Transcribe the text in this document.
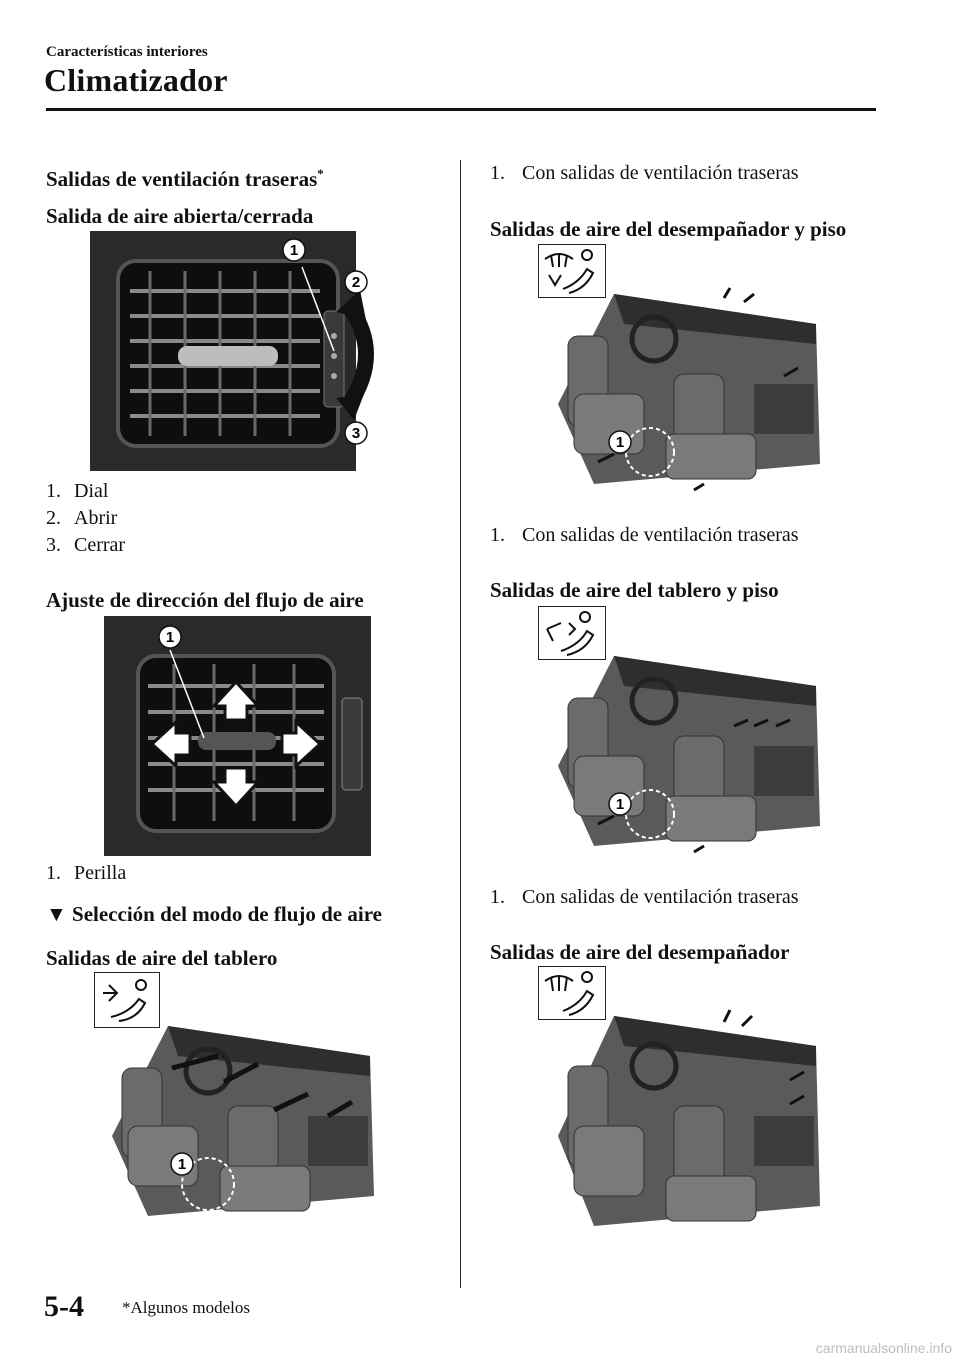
Características interiores
Climatizador
Salidas de ventilación traseras*
Salida de aire abierta/cerrada
1
2
3
1. Dial
2. Abrir
3. Cerrar
Ajuste de dirección del flujo de aire
1
1. Perilla
▼ Selección del modo de flujo de aire
Salidas de aire del tablero
1
1. Con salidas de ventilación traseras
Salidas de aire del desempañador y piso
1
1. Con salidas de ventilación traseras
Salidas de aire del tablero y piso
1
1. Con salidas de ventilación traseras
Salidas de aire del desempañador
5-4 *Algunos modelos
carmanualsonline.info
